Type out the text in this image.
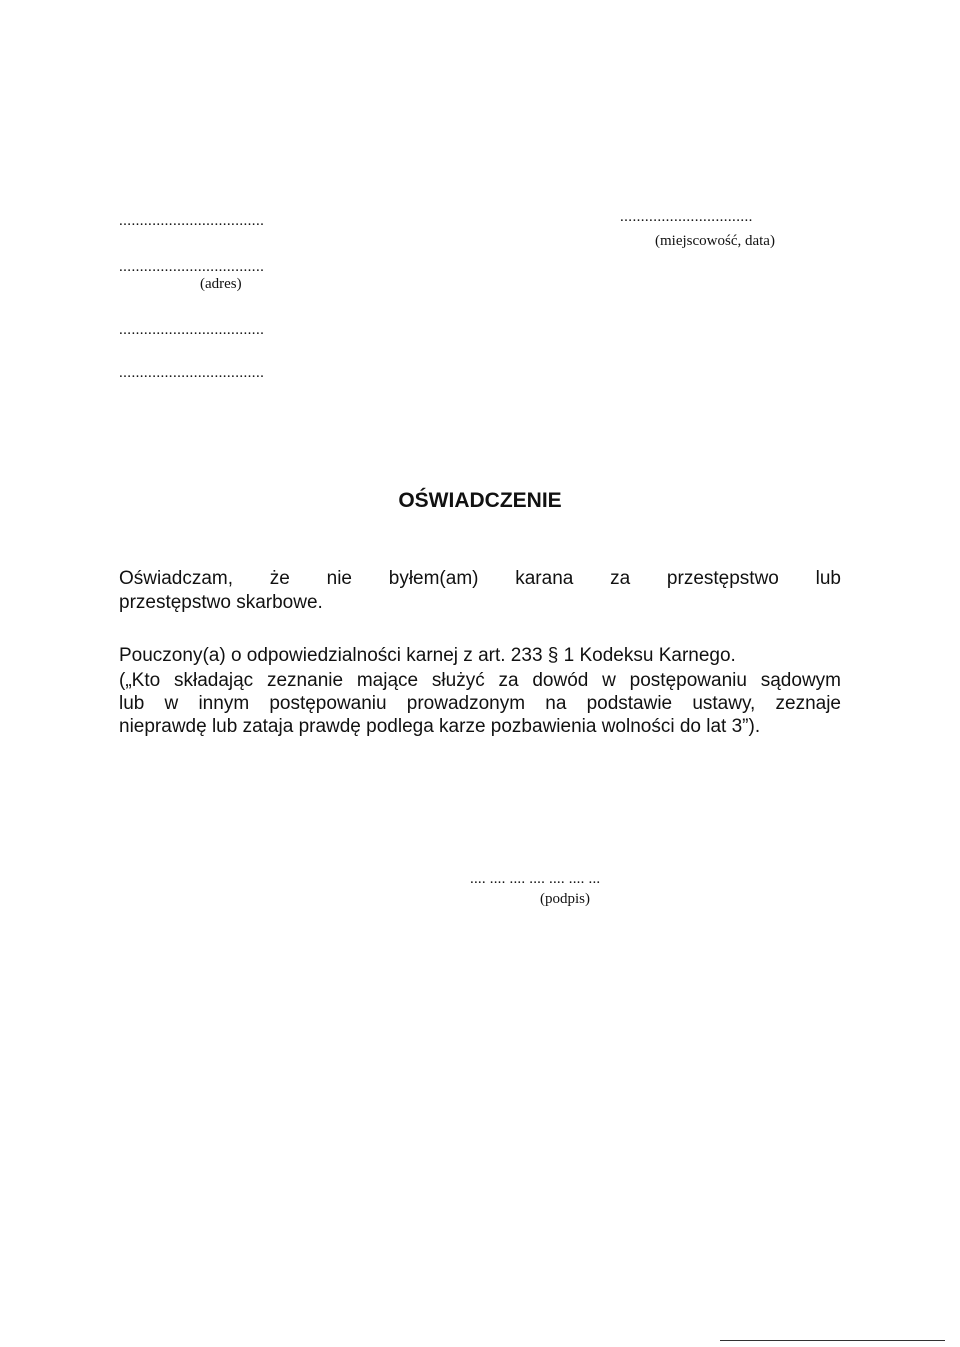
...................................
...................................
(adres)
...................................
...................................
................................
(miejscowość, data)
OŚWIADCZENIE
Oświadczam, że nie byłem(am) karana za przestępstwo lub
przestępstwo skarbowe.
Pouczony(a) o odpowiedzialności karnej z art. 233 § 1 Kodeksu Karnego.
(„Kto składając zeznanie mające służyć za dowód w postępowaniu sądowym
lub w innym postępowaniu prowadzonym na podstawie ustawy, zeznaje
nieprawdę lub zataja prawdę podlega karze pozbawienia wolności do lat 3”).
.... .... .... .... .... .... ...
(podpis)
